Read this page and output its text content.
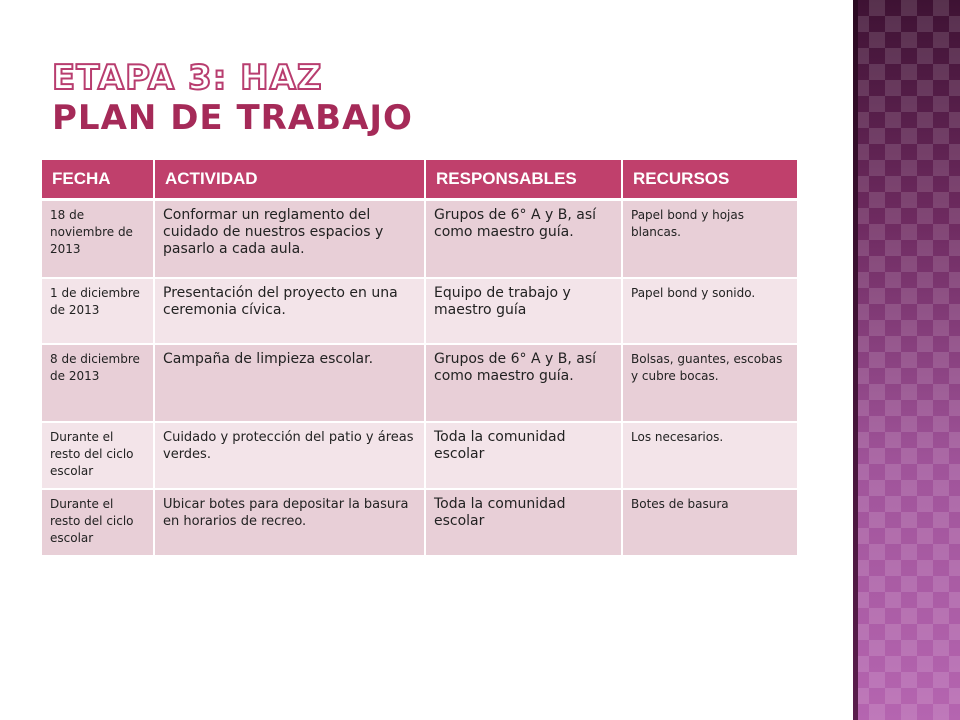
ETAPA 3: HAZ
PLAN DE TRABAJO
FECHA	ACTIVIDAD	RESPONSABLES	RECURSOS
18 de noviembre de 2013	Conformar un reglamento del cuidado de nuestros espacios y pasarlo a cada aula.	Grupos de 6° A y B, así como maestro guía.	Papel bond y hojas blancas.
1 de diciembre de 2013	Presentación del proyecto en una ceremonia cívica.	Equipo de trabajo y maestro guía	Papel bond y sonido.
8 de diciembre de 2013	Campaña de limpieza escolar.	Grupos de 6° A y B, así como maestro guía.	Bolsas, guantes, escobas y cubre bocas.
Durante el resto del ciclo escolar	Cuidado y protección del patio y áreas verdes.	Toda la comunidad escolar	Los necesarios.
Durante el resto del ciclo escolar	Ubicar botes para depositar la basura en horarios de recreo.	Toda la comunidad escolar	Botes de basura
